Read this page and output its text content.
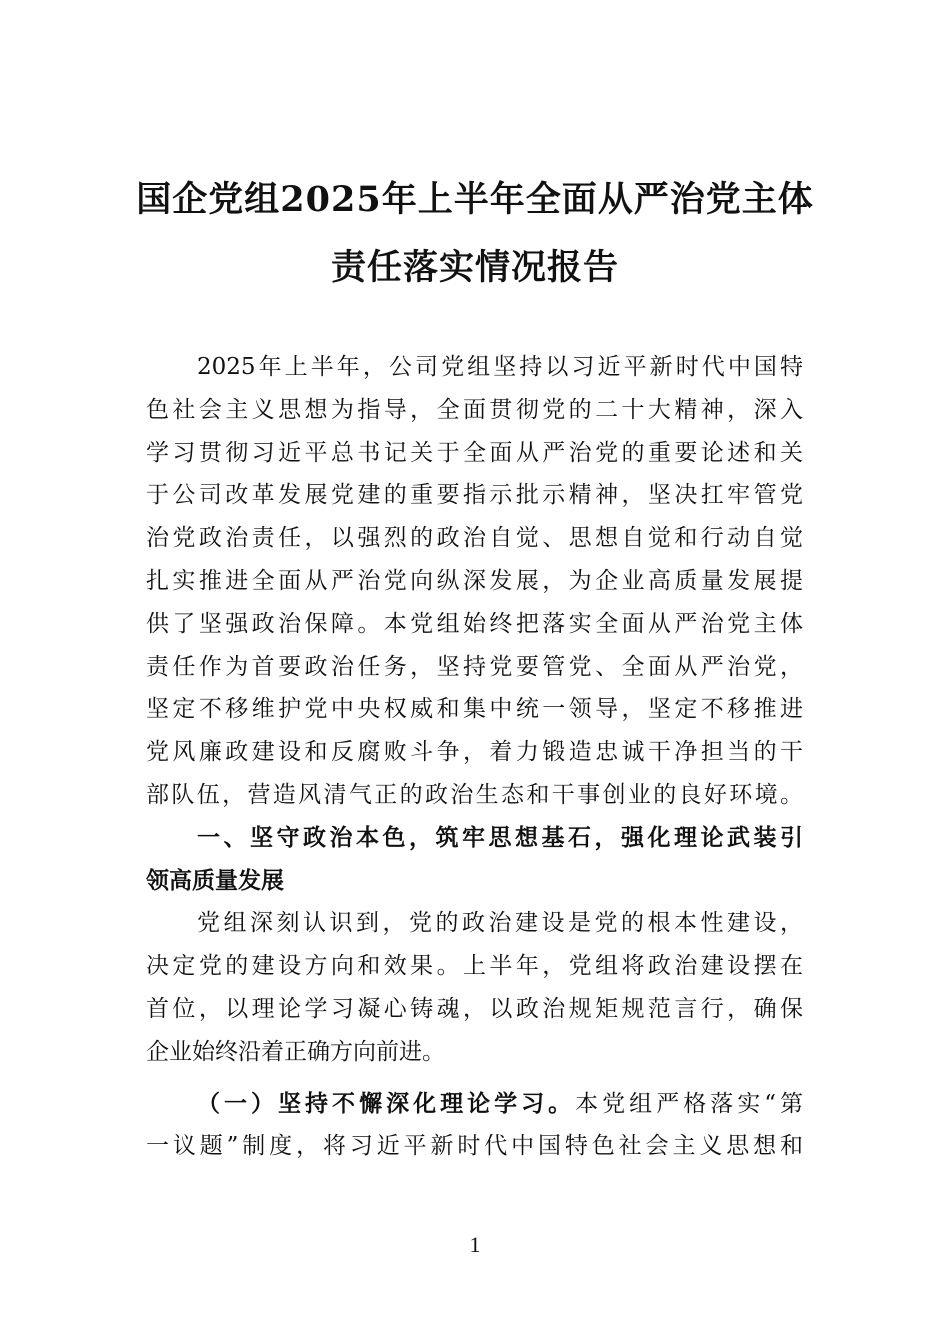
国企党组2025年上半年全面从严治党主体
责任落实情况报告
2025年上半年，公司党组坚持以习近平新时代中国特
色社会主义思想为指导，全面贯彻党的二十大精神，深入
学习贯彻习近平总书记关于全面从严治党的重要论述和关
于公司改革发展党建的重要指示批示精神，坚决扛牢管党
治党政治责任，以强烈的政治自觉、思想自觉和行动自觉
扎实推进全面从严治党向纵深发展，为企业高质量发展提
供了坚强政治保障。本党组始终把落实全面从严治党主体
责任作为首要政治任务，坚持党要管党、全面从严治党，
坚定不移维护党中央权威和集中统一领导，坚定不移推进
党风廉政建设和反腐败斗争，着力锻造忠诚干净担当的干
部队伍，营造风清气正的政治生态和干事创业的良好环境。
一、坚守政治本色，筑牢思想基石，强化理论武装引
领高质量发展
党组深刻认识到，党的政治建设是党的根本性建设，
决定党的建设方向和效果。上半年，党组将政治建设摆在
首位，以理论学习凝心铸魂，以政治规矩规范言行，确保
企业始终沿着正确方向前进。
（一）坚持不懈深化理论学习。本党组严格落实“第
一议题”制度，将习近平新时代中国特色社会主义思想和
1
